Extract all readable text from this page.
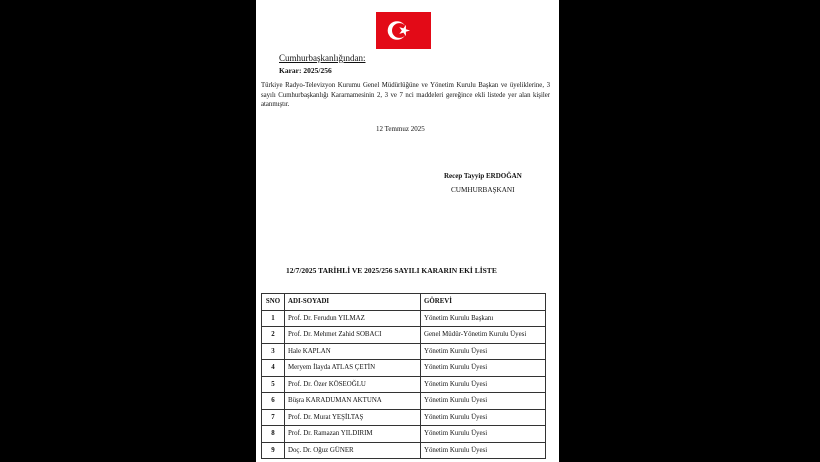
Cumhurbaşkanlığından:
Karar: 2025/256
Türkiye Radyo-Televizyon Kurumu Genel Müdürlüğüne ve Yönetim Kurulu Başkan ve üyeliklerine, 3 sayılı Cumhurbaşkanlığı Kararnamesinin 2, 3 ve 7 nci maddeleri gereğince ekli listede yer alan kişiler atanmıştır.
12 Temmuz 2025
Recep Tayyip ERDOĞAN
CUMHURBAŞKANI
12/7/2025 TARİHLİ VE 2025/256 SAYILI KARARIN EKİ LİSTE
SNO	ADI-SOYADI	GÖREVİ
1	Prof. Dr. Ferudun YILMAZ	Yönetim Kurulu Başkanı
2	Prof. Dr. Mehmet Zahid SOBACI	Genel Müdür-Yönetim Kurulu Üyesi
3	Hale KAPLAN	Yönetim Kurulu Üyesi
4	Meryem İlayda ATLAS ÇETİN	Yönetim Kurulu Üyesi
5	Prof. Dr. Özer KÖSEOĞLU	Yönetim Kurulu Üyesi
6	Büşra KARADUMAN AKTUNA	Yönetim Kurulu Üyesi
7	Prof. Dr. Murat YEŞİLTAŞ	Yönetim Kurulu Üyesi
8	Prof. Dr. Ramazan YILDIRIM	Yönetim Kurulu Üyesi
9	Doç. Dr. Oğuz GÜNER	Yönetim Kurulu Üyesi
